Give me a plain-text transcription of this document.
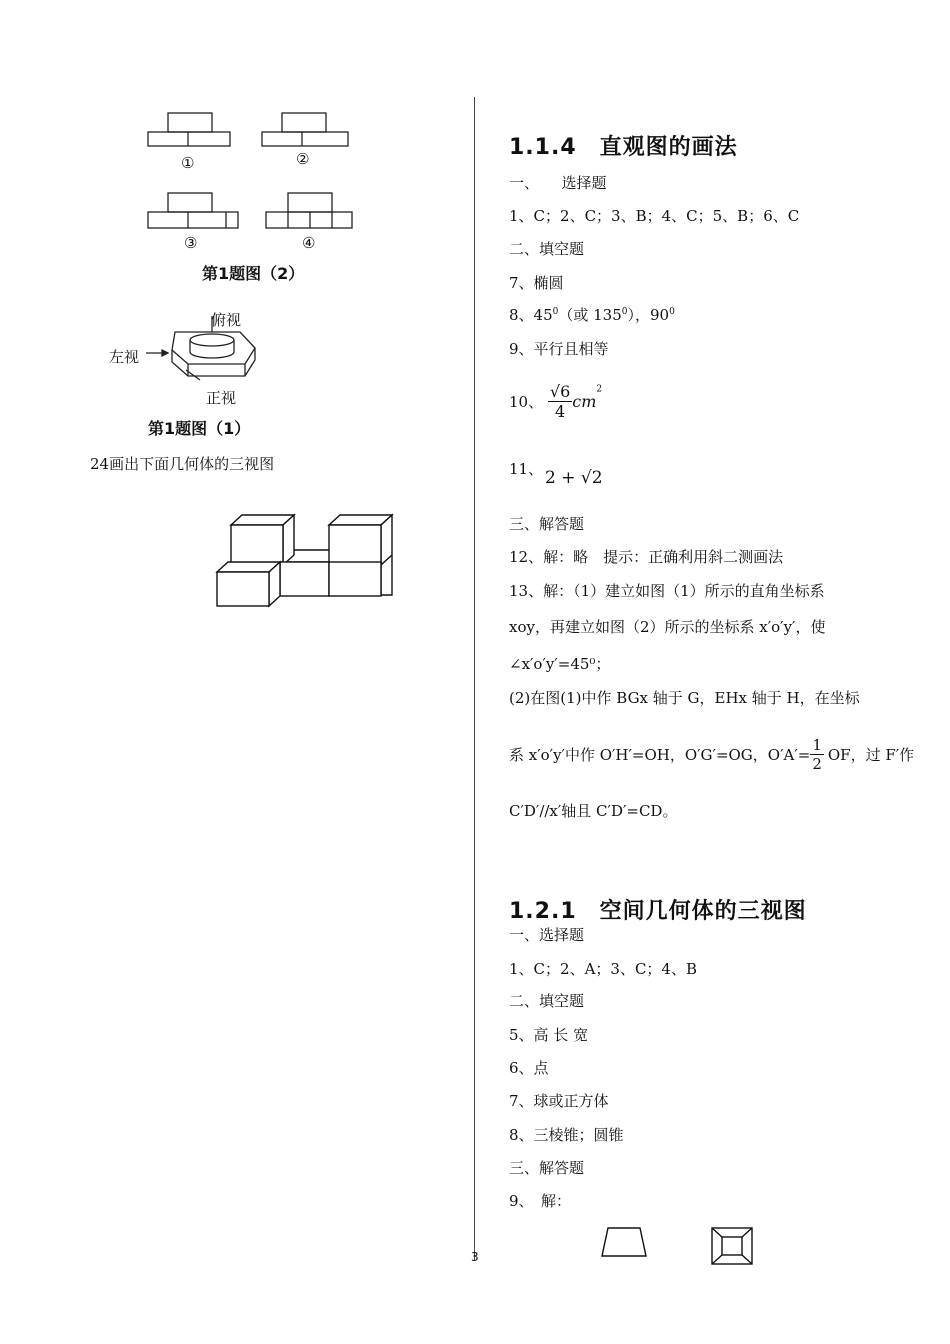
①	②
③	④
第1题图（2）
俯视
左视
正视
第1题图（1）
24画出下面几何体的三视图
1.1.4　直观图的画法
一、　　选择题
1、C；2、C；3、B；4、C；5、B；6、C
二、填空题
7、椭圆
8、$45^0$（或 $135^0$），$90^0$
9、平行且相等
10、 $\frac{√6}{4} cm^2$
11、 2 + √2
三、解答题
12、解：略　提示：正确利用斜二测画法
13、解：（1）建立如图（1）所示的直角坐标系
xoy，再建立如图（2）所示的坐标系 x′o′y′，使
∠x′o′y′=45⁰；
(2)在图(1)中作 BGx 轴于 G，EHx 轴于 H，在坐标
系 x′o′y′中作 O′H′=OH，O′G′=OG，$O'A'= \frac{1}{2}$ OF，过 F′作
C′D′//x′轴且 C′D′=CD。
1.2.1　空间几何体的三视图
一、选择题
1、C；2、A；3、C；4、B
二、填空题
5、高 长 宽
6、点
7、球或正方体
8、三棱锥；圆锥
三、解答题
9、　解：
3
